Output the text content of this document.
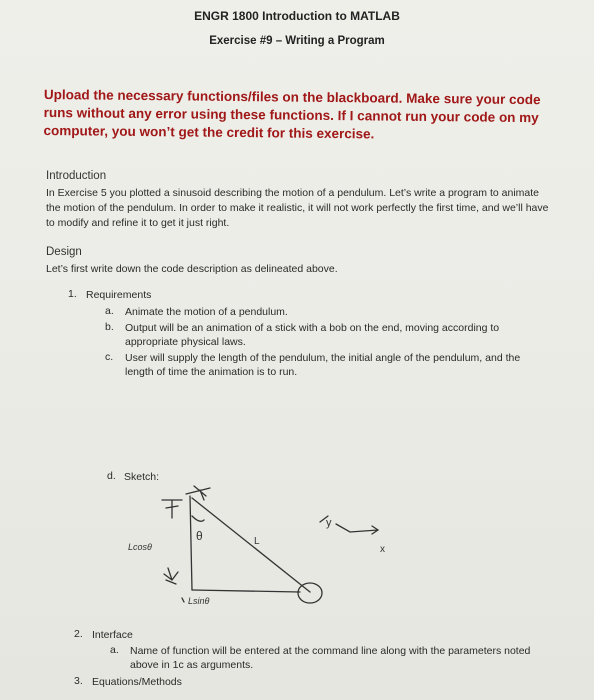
ENGR 1800 Introduction to MATLAB
Exercise #9 – Writing a Program
Upload the necessary functions/files on the blackboard. Make sure your code runs without any error using these functions. If I cannot run your code on my computer, you won’t get the credit for this exercise.
Introduction
In Exercise 5 you plotted a sinusoid describing the motion of a pendulum. Let’s write a program to animate the motion of the pendulum. In order to make it realistic, it will not work perfectly the first time, and we’ll have to modify and refine it to get it just right.
Design
Let’s first write down the code description as delineated above.
1. Requirements
a. Animate the motion of a pendulum.
b. Output will be an animation of a stick with a bob on the end, moving according to appropriate physical laws.
c. User will supply the length of the pendulum, the initial angle of the pendulum, and the length of time the animation is to run.
d. Sketch:
θ	L
Lcosθ
Lsinθ
y
x
2. Interface
a. Name of function will be entered at the command line along with the parameters noted above in 1c as arguments.
3. Equations/Methods
